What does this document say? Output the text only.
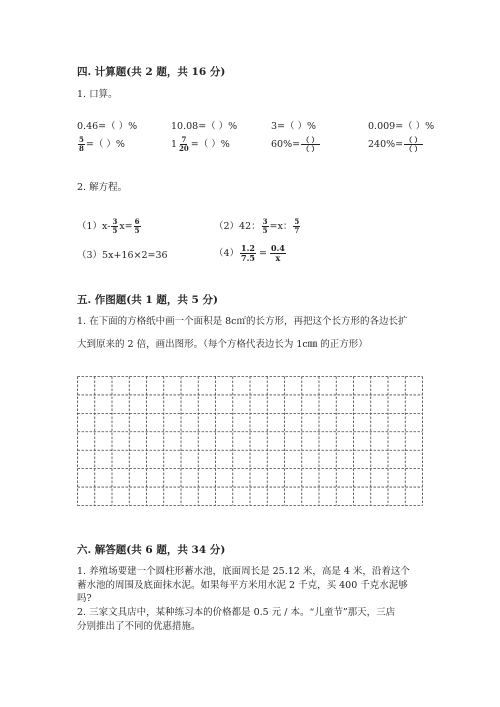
四. 计算题(共 2 题，共 16 分)
1. 口算。
0.46=（ ）%	10.08=（ ）%	3=（ ）%	0.009=（ ）%
$\frac{5}{8}$ =（ ）%	$1 \frac{7}{20}$ =（ ）%	$60\%= \frac{( )}{( )}$	$240\%= \frac{( )}{( )}$
2. 解方程。
$(1)x- \frac{3}{5} x= \frac{6}{5}$	（2）42： $\frac{3}{5} =x$： $\frac{5}{7}$
（3）5x+16×2=36	$(4) \frac{1.2}{7.5} = \frac{0.4}{x}$
五. 作图题(共 1 题，共 5 分)
1. 在下面的方格纸中画一个面积是 8c㎡的长方形，再把这个长方形的各边长扩
大到原来的 2 倍，画出图形。（每个方格代表边长为 1c㎜ 的正方形）
六. 解答题(共 6 题，共 34 分)
1. 养殖场要建一个圆柱形蓄水池，底面周长是 25.12 米，高是 4 米，沿着这个
蓄水池的周围及底面抹水泥。如果每平方米用水泥 2 千克，买 400 千克水泥够
吗?
2. 三家文具店中，某种练习本的价格都是 0.5 元 / 本。“儿童节”那天，三店
分别推出了不同的优惠措施。
